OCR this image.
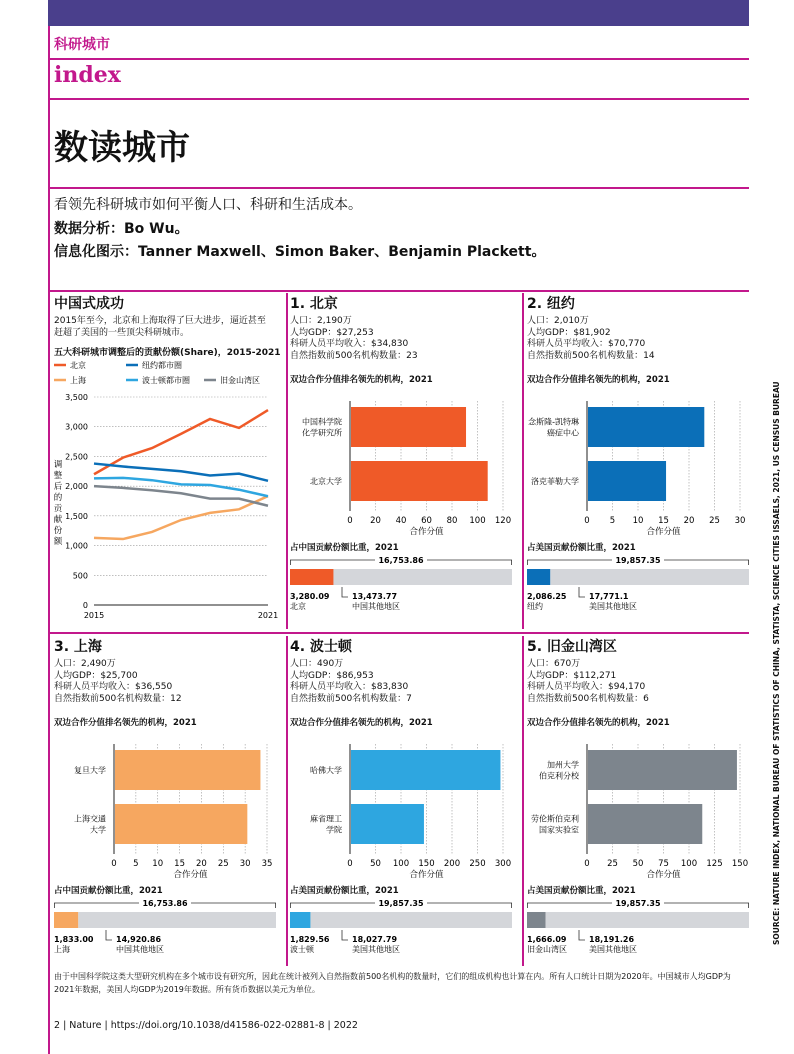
科研城市
index
数读城市
看领先科研城市如何平衡人口、科研和生活成本。
数据分析：Bo Wu。
信息化图示：Tanner Maxwell、Simon Baker、Benjamin Plackett。
中国式成功
2015年至今，北京和上海取得了巨大进步，逼近甚至
赶超了美国的一些顶尖科研城市。
五大科研城市调整后的贡献份额(Share)，2015-2021
北京	纽约都市圈
上海	波士顿都市圈	旧金山湾区
0
500
1,000
1,500
2,000
2,500
3,000
3,500
2015	2021
调
整
后
的
贡
献
份
额
1. 北京
人口：2,190万
人均GDP：$27,253
科研人员平均收入：$34,830
自然指数前500名机构数量：23
双边合作分值排名领先的机构，2021
占中国贡献份额比重，2021
0 20 40 60 80 100 120
合作分值
中国科学院
化学研究所
北京大学
16,753.86
3,280.09
北京
13,473.77
中国其他地区
2. 纽约
人口：2,010万
人均GDP：$81,902
科研人员平均收入：$70,770
自然指数前500名机构数量：14
双边合作分值排名领先的机构，2021
占美国贡献份额比重，2021
0 5 10 15 20 25 30
合作分值
念斯隆-凯特琳
癌症中心
洛克菲勒大学
19,857.35
2,086.25
纽约
17,771.1
美国其他地区
3. 上海
人口：2,490万
人均GDP：$25,700
科研人员平均收入：$36,550
自然指数前500名机构数量：12
双边合作分值排名领先的机构，2021
占中国贡献份额比重，2021
0 5 10 15 20 25 30 35
合作分值
复旦大学
上海交通
大学
16,753.86
1,833.00
上海
14,920.86
中国其他地区
4. 波士顿
人口：490万
人均GDP：$86,953
科研人员平均收入：$83,830
自然指数前500名机构数量：7
双边合作分值排名领先的机构，2021
占美国贡献份额比重，2021
0 50 100 150 200 250 300
合作分值
哈佛大学
麻省理工
学院
19,857.35
1,829.56
波士顿
18,027.79
美国其他地区
5. 旧金山湾区
人口：670万
人均GDP：$112,271
科研人员平均收入：$94,170
自然指数前500名机构数量：6
双边合作分值排名领先的机构，2021
占美国贡献份额比重，2021
0 25 50 75 100 125 150
合作分值
加州大学
伯克利分校
劳伦斯伯克利
国家实验室
19,857.35
1,666.09
旧金山湾区
18,191.26
美国其他地区
由于中国科学院这类大型研究机构在多个城市设有研究所，因此在统计被列入自然指数前500名机构的数量时，它们的组成机构也计算在内。所有人口统计日期为2020年。中国城市人均GDP为2021年数据，美国人均GDP为2019年数据。所有货币数据以美元为单位。
2 | Nature | https://doi.org/10.1038/d41586-022-02881-8 | 2022
SOURCE: NATURE INDEX, NATIONAL BUREAU OF STATISTICS OF CHINA, STATISTA, SCIENCE CITIES ISSAELS, 2021, US CENSUS BUREAU
